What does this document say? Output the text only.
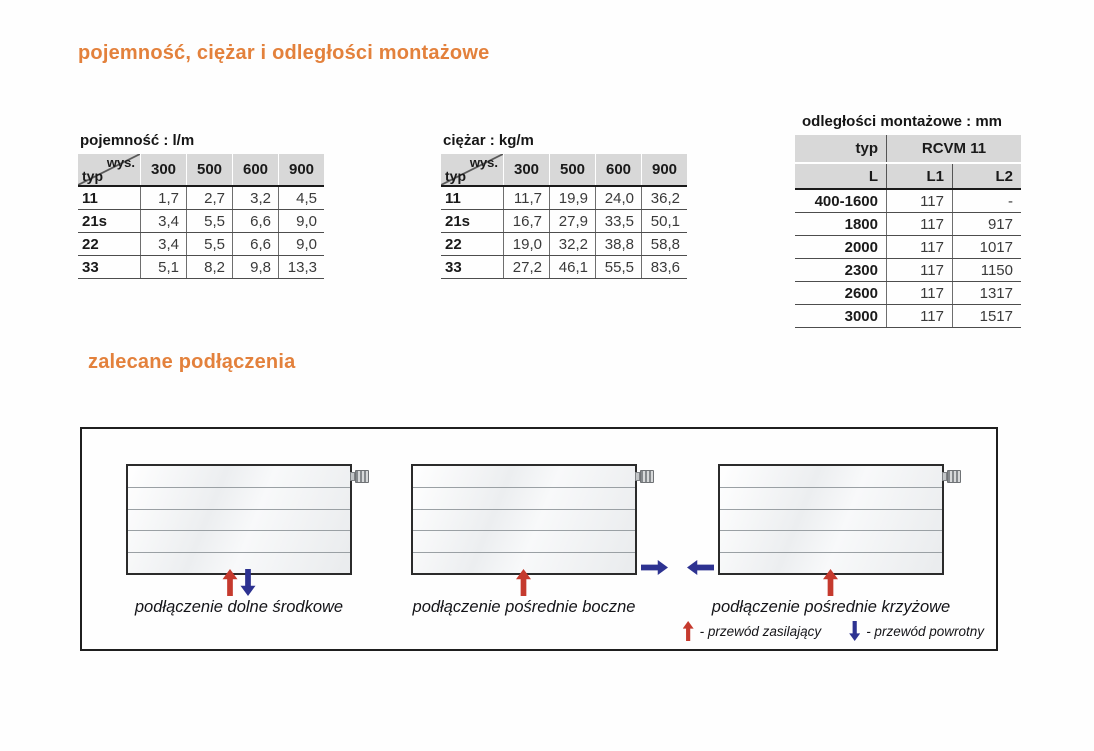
pojemność, ciężar i odległości montażowe
pojemność : l/m
wys.
typ	300	500	600	900
11	1,7	2,7	3,2	4,5
21s	3,4	5,5	6,6	9,0
22	3,4	5,5	6,6	9,0
33	5,1	8,2	9,8	13,3
ciężar : kg/m
wys.
typ	300	500	600	900
11	11,7	19,9	24,0	36,2
21s	16,7	27,9	33,5	50,1
22	19,0	32,2	38,8	58,8
33	27,2	46,1	55,5	83,6
odległości montażowe : mm
typ	RCVM 11	
L	L1	L2
400-1600	117	-
1800	117	917
2000	117	1017
2300	117	1150
2600	117	1317
3000	117	1517
zalecane podłączenia
podłączenie dolne środkowe	podłączenie pośrednie boczne	podłączenie pośrednie krzyżowe
- przewód zasilający	- przewód powrotny
